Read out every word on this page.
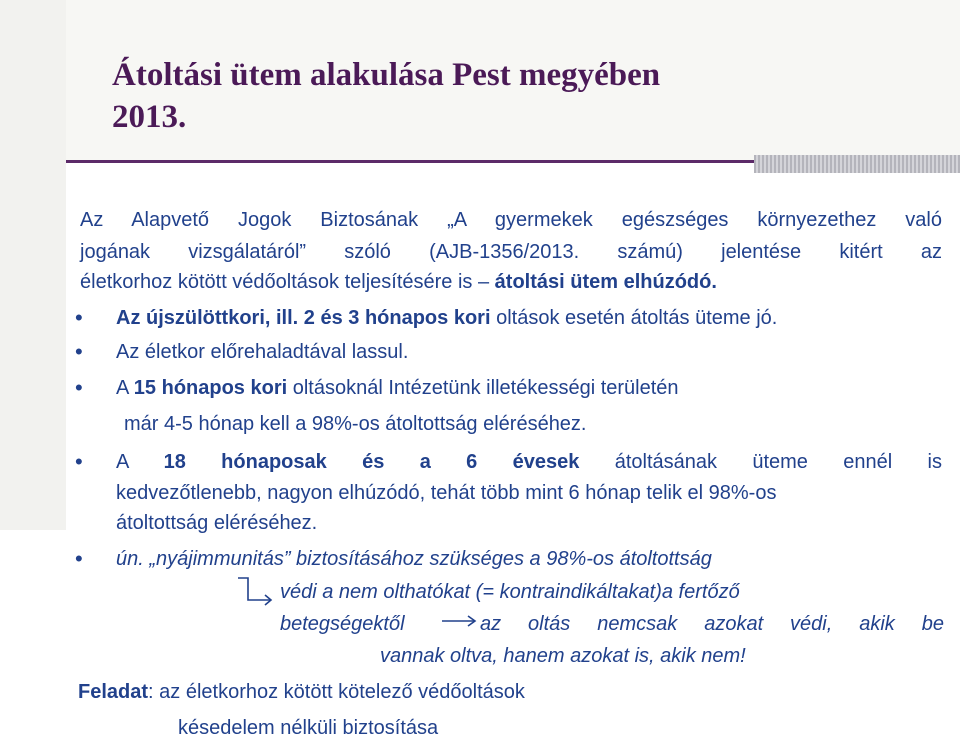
Átoltási ütem alakulása Pest megyében
2013.
Az Alapvető Jogok Biztosának „A gyermekek egészséges környezethez való
jogának vizsgálatáról” szóló (AJB-1356/2013. számú) jelentése kitért az
életkorhoz kötött védőoltások teljesítésére is – átoltási ütem elhúzódó.
• Az újszülöttkori, ill. 2 és 3 hónapos kori oltások esetén átoltás üteme jó.
• Az életkor előrehaladtával lassul.
• A 15 hónapos kori oltásoknál Intézetünk illetékességi területén
már 4-5 hónap kell a 98%-os átoltottság eléréséhez.
• A 18 hónaposak és a 6 évesek átoltásának üteme ennél is
kedvezőtlenebb, nagyon elhúzódó, tehát több mint 6 hónap telik el 98%-os
átoltottság eléréséhez.
• ún. „nyájimmunitás” biztosításához szükséges a 98%-os átoltottság
védi a nem olthatókat (= kontraindikáltakat)a fertőző
betegségektől	az oltás nemcsak azokat védi, akik be
vannak oltva, hanem azokat is, akik nem!
Feladat: az életkorhoz kötött kötelező védőoltások
késedelem nélküli biztosítása
